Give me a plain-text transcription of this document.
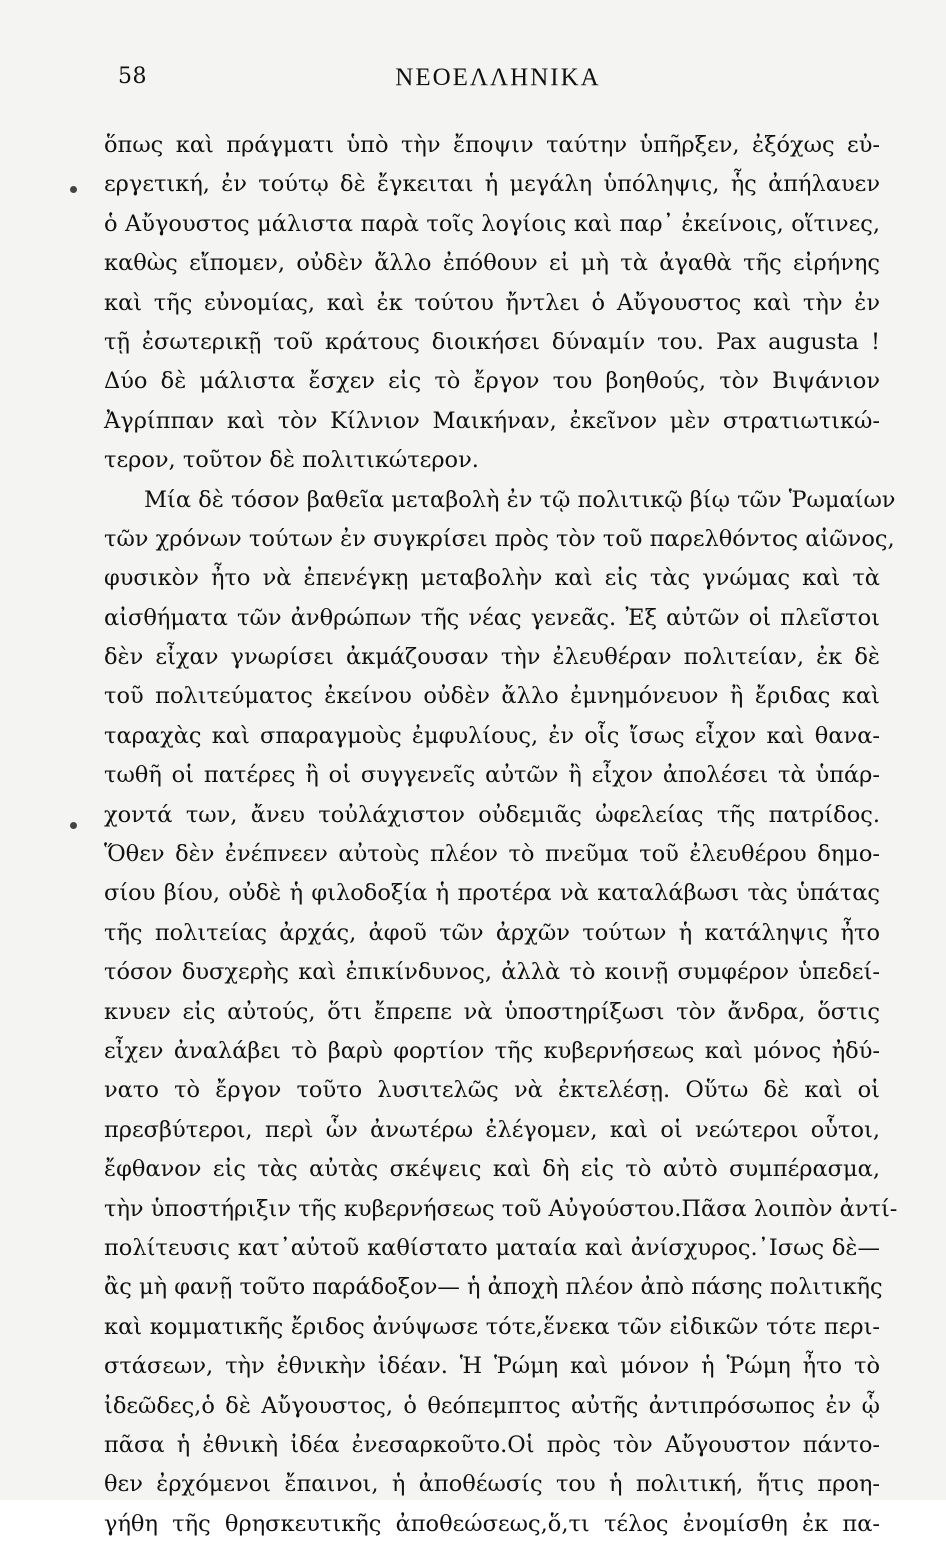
58	ΝΕΟΕΛΛΗΝΙΚΑ
ὅπως καὶ πράγματι ὑπὸ τὴν ἔποψιν ταύτην ὑπῆρξεν, ἐξόχως εὐ-
εργετική, ἐν τούτῳ δὲ ἔγκειται ἡ μεγάλη ὑπόληψις, ἧς ἀπήλαυεν
ὁ Αὔγουστος μάλιστα παρὰ τοῖς λογίοις καὶ παρ᾽ ἐκείνοις, οἵτινες,
καθὼς εἴπομεν, οὐδὲν ἄλλο ἐπόθουν εἰ μὴ τὰ ἀγαθὰ τῆς εἰρήνης
καὶ τῆς εὐνομίας, καὶ ἐκ τούτου ἤντλει ὁ Αὔγουστος καὶ τὴν ἐν
τῇ ἐσωτερικῇ τοῦ κράτους διοικήσει δύναμίν του. Pax augusta !
Δύο δὲ μάλιστα ἔσχεν εἰς τὸ ἔργον του βοηθούς, τὸν Βιψάνιον
Ἀγρίππαν καὶ τὸν Κίλνιον Μαικήναν, ἐκεῖνον μὲν στρατιωτικώ-
τερον, τοῦτον δὲ πολιτικώτερον.
Μία δὲ τόσον βαθεῖα μεταβολὴ ἐν τῷ πολιτικῷ βίῳ τῶν Ῥωμαίων
τῶν χρόνων τούτων ἐν συγκρίσει πρὸς τὸν τοῦ παρελθόντος αἰῶνος,
φυσικὸν ἦτο νὰ ἐπενέγκῃ μεταβολὴν καὶ εἰς τὰς γνώμας καὶ τὰ
αἰσθήματα τῶν ἀνθρώπων τῆς νέας γενεᾶς. Ἐξ αὐτῶν οἱ πλεῖστοι
δὲν εἶχαν γνωρίσει ἀκμάζουσαν τὴν ἐλευθέραν πολιτείαν, ἐκ δὲ
τοῦ πολιτεύματος ἐκείνου οὐδὲν ἄλλο ἐμνημόνευον ἢ ἔριδας καὶ
ταραχὰς καὶ σπαραγμοὺς ἐμφυλίους, ἐν οἷς ἴσως εἶχον καὶ θανα-
τωθῆ οἱ πατέρες ἢ οἱ συγγενεῖς αὐτῶν ἢ εἶχον ἀπολέσει τὰ ὑπάρ-
χοντά των, ἄνευ τοὐλάχιστον οὐδεμιᾶς ὠφελείας τῆς πατρίδος.
Ὅθεν δὲν ἐνέπνεεν αὐτοὺς πλέον τὸ πνεῦμα τοῦ ἐλευθέρου δημο-
σίου βίου, οὐδὲ ἡ φιλοδοξία ἡ προτέρα νὰ καταλάβωσι τὰς ὑπάτας
τῆς πολιτείας ἀρχάς, ἀφοῦ τῶν ἀρχῶν τούτων ἡ κατάληψις ἦτο
τόσον δυσχερὴς καὶ ἐπικίνδυνος, ἀλλὰ τὸ κοινῇ συμφέρον ὑπεδεί-
κνυεν εἰς αὐτούς, ὅτι ἔπρεπε νὰ ὑποστηρίξωσι τὸν ἄνδρα, ὅστις
εἶχεν ἀναλάβει τὸ βαρὺ φορτίον τῆς κυβερνήσεως καὶ μόνος ἠδύ-
νατο τὸ ἔργον τοῦτο λυσιτελῶς νὰ ἐκτελέσῃ. Οὕτω δὲ καὶ οἱ
πρεσβύτεροι, περὶ ὧν ἀνωτέρω ἐλέγομεν, καὶ οἱ νεώτεροι οὗτοι,
ἔφθανον εἰς τὰς αὐτὰς σκέψεις καὶ δὴ εἰς τὸ αὐτὸ συμπέρασμα,
τὴν ὑποστήριξιν τῆς κυβερνήσεως τοῦ Αὐγούστου.Πᾶσα λοιπὸν ἀντί-
πολίτευσις κατ᾽αὐτοῦ καθίστατο ματαία καὶ ἀνίσχυρος.᾽Ισως δὲ—
ἂς μὴ φανῇ τοῦτο παράδοξον— ἡ ἀποχὴ πλέον ἀπὸ πάσης πολιτικῆς
καὶ κομματικῆς ἔριδος ἀνύψωσε τότε,ἕνεκα τῶν εἰδικῶν τότε περι-
στάσεων, τὴν ἐθνικὴν ἰδέαν. Ἡ Ῥώμη καὶ μόνον ἡ Ῥώμη ἦτο τὸ
ἰδεῶδες,ὁ δὲ Αὔγουστος, ὁ θεόπεμπτος αὐτῆς ἀντιπρόσωπος ἐν ᾧ
πᾶσα ἡ ἐθνικὴ ἰδέα ἐνεσαρκοῦτο.Οἱ πρὸς τὸν Αὔγουστον πάντο-
θεν ἐρχόμενοι ἔπαινοι, ἡ ἀποθέωσίς του ἡ πολιτική, ἥτις προη-
γήθη τῆς θρησκευτικῆς ἀποθεώσεως,ὅ,τι τέλος ἐνομίσθη ἐκ πα-
